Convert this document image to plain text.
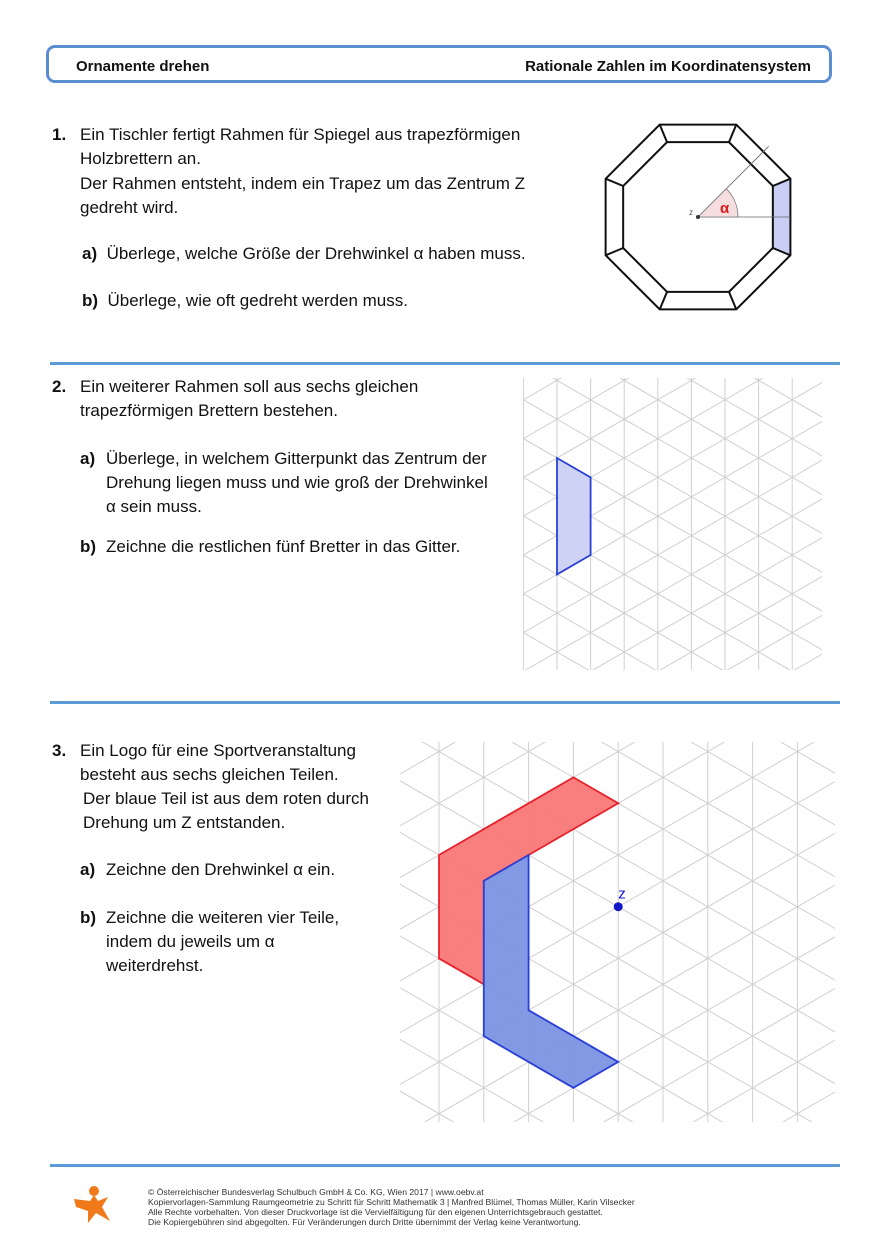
Ornamente drehen	Rationale Zahlen im Koordinatensystem
1. Ein Tischler fertigt Rahmen für Spiegel aus trapezförmigen
Holzbrettern an.
Der Rahmen entsteht, indem ein Trapez um das Zentrum Z
gedreht wird.
a) Überlege, welche Größe der Drehwinkel α haben muss.
b) Überlege, wie oft gedreht werden muss.
z α
2. Ein weiterer Rahmen soll aus sechs gleichen
trapezförmigen Brettern bestehen.
a) Überlege, in welchem Gitterpunkt das Zentrum der
Drehung liegen muss und wie groß der Drehwinkel
α sein muss.
b) Zeichne die restlichen fünf Bretter in das Gitter.
3. Ein Logo für eine Sportveranstaltung
besteht aus sechs gleichen Teilen.
Der blaue Teil ist aus dem roten durch
Drehung um Z entstanden.
a) Zeichne den Drehwinkel α ein.
b) Zeichne die weiteren vier Teile,
indem du jeweils um α
weiterdrehst.
z
© Österreichischer Bundesverlag Schulbuch GmbH & Co. KG, Wien 2017 | www.oebv.at
Kopiervorlagen-Sammlung Raumgeometrie zu Schritt für Schritt Mathematik 3 | Manfred Blümel, Thomas Müller, Karin Vilsecker
Alle Rechte vorbehalten. Von dieser Druckvorlage ist die Vervielfältigung für den eigenen Unterrichtsgebrauch gestattet.
Die Kopiergebühren sind abgegolten. Für Veränderungen durch Dritte übernimmt der Verlag keine Verantwortung.
